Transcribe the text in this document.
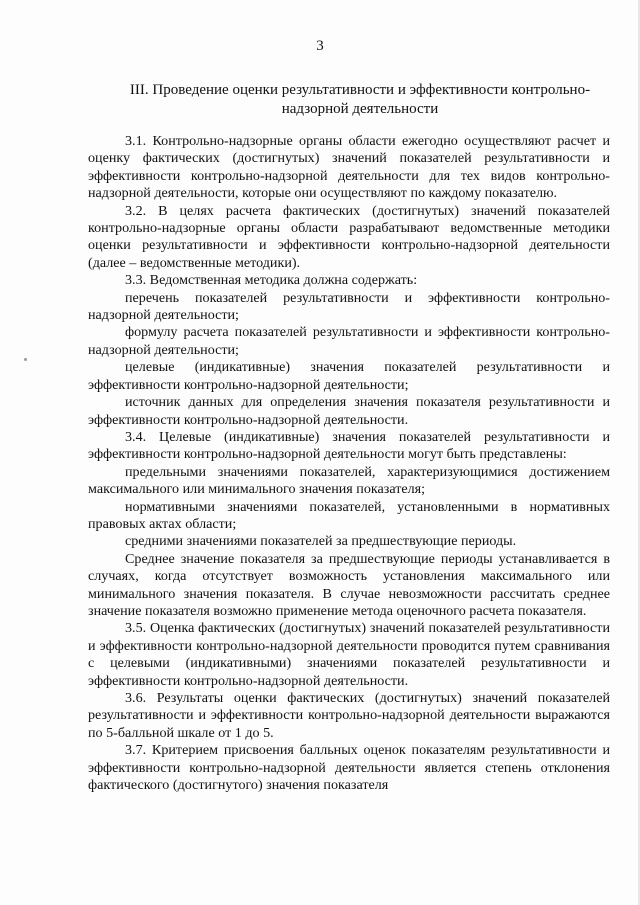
3
III. Проведение оценки результативности и эффективности контрольно-надзорной деятельности

3.1. Контрольно-надзорные органы области ежегодно осуществляют расчет и оценку фактических (достигнутых) значений показателей результативности и эффективности контрольно-надзорной деятельности для тех видов контрольно-надзорной деятельности, которые они осуществляют по каждому показателю.

3.2. В целях расчета фактических (достигнутых) значений показателей контрольно-надзорные органы области разрабатывают ведомственные методики оценки результативности и эффективности контрольно-надзорной деятельности (далее – ведомственные методики).

3.3. Ведомственная методика должна содержать:

перечень показателей результативности и эффективности контрольно-надзорной деятельности;

формулу расчета показателей результативности и эффективности контрольно-надзорной деятельности;

целевые (индикативные) значения показателей результативности и эффективности контрольно-надзорной деятельности;

источник данных для определения значения показателя результативности и эффективности контрольно-надзорной деятельности.

3.4. Целевые (индикативные) значения показателей результативности и эффективности контрольно-надзорной деятельности могут быть представлены:

предельными значениями показателей, характеризующимися достижением максимального или минимального значения показателя;

нормативными значениями показателей, установленными в нормативных правовых актах области;

средними значениями показателей за предшествующие периоды.

Среднее значение показателя за предшествующие периоды устанавливается в случаях, когда отсутствует возможность установления максимального или минимального значения показателя. В случае невозможности рассчитать среднее значение показателя возможно применение метода оценочного расчета показателя.

3.5. Оценка фактических (достигнутых) значений показателей результативности и эффективности контрольно-надзорной деятельности проводится путем сравнивания с целевыми (индикативными) значениями показателей результативности и эффективности контрольно-надзорной деятельности.

3.6. Результаты оценки фактических (достигнутых) значений показателей результативности и эффективности контрольно-надзорной деятельности выражаются по 5-балльной шкале от 1 до 5.

3.7. Критерием присвоения балльных оценок показателям результативности и эффективности контрольно-надзорной деятельности является степень отклонения фактического (достигнутого) значения показателя
